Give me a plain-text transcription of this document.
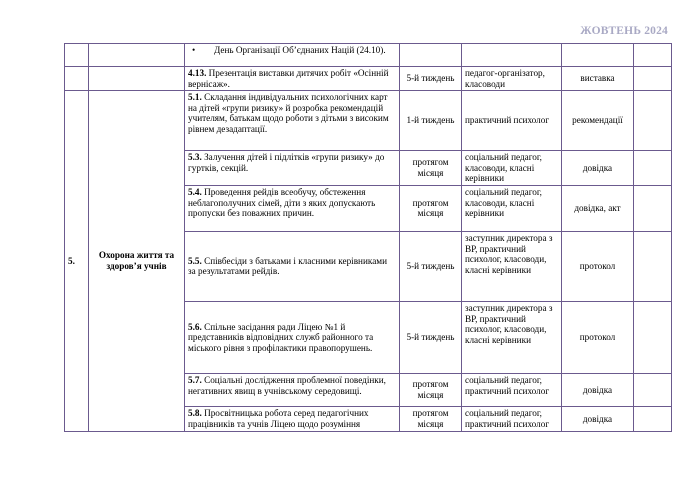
ЖОВТЕНЬ 2024

		• День Організації Об’єднаних Націй (24.10).

		4.13. Презентація виставки дитячих робіт «Осінній вернісаж».	5-й тиждень	педагог-організатор, класоводи	виставка	
5.	Охорона життя та здоров’я учнів	5.1. Складання індивідуальних психологічних карт на дітей «групи ризику» й розробка рекомендацій учителям, батькам щодо роботи з дітьми з високим рівнем дезадаптації.	1-й тиждень	практичний психолог	рекомендації	
		5.3. Залучення дітей і підлітків «групи ризику» до гуртків, секцій.	протягом місяця	соціальний педагог, класоводи, класні керівники	довідка	
		5.4. Проведення рейдів всеобучу, обстеження неблагополучних сімей, діти з яких допускають пропуски без поважних причин.	протягом місяця	соціальний педагог, класоводи, класні керівники	довідка, акт	
		5.5. Співбесіди з батьками і класними керівниками за результатами рейдів.	5-й тиждень	заступник директора з ВР, практичний психолог, класоводи, класні керівники	протокол	
		5.6. Спільне засідання ради Ліцею №1 й представників відповідних служб районного та міського рівня з профілактики правопорушень.	5-й тиждень	заступник директора з ВР, практичний психолог, класоводи, класні керівники	протокол	
		5.7. Соціальні дослідження проблемної поведінки, негативних явищ в учнівському середовищі.	протягом місяця	соціальний педагог, практичний психолог	довідка	
		5.8. Просвітницька робота серед педагогічних працівників та учнів Ліцею щодо розуміння	протягом місяця	соціальний педагог, практичний психолог	довідка	
